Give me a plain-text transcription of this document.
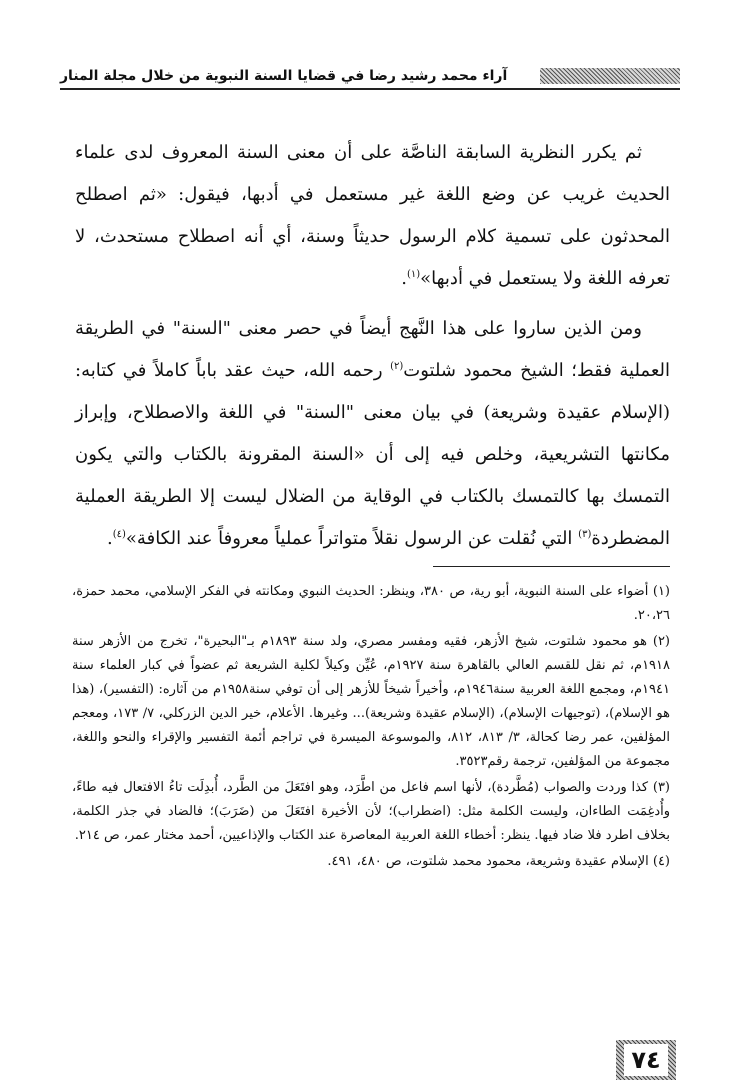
آراء محمد رشيد رضا في قضايا السنة النبوية من خلال مجلة المنار

ثم يكرر النظرية السابقة الناصَّة على أن معنى السنة المعروف لدى علماء الحديث غريب عن وضع اللغة غير مستعمل في أدبها، فيقول: «ثم اصطلح المحدثون على تسمية كلام الرسول حديثاً وسنة، أي أنه اصطلاح مستحدث، لا تعرفه اللغة ولا يستعمل في أدبها»$^{(١)}$.

ومن الذين ساروا على هذا النَّهج أيضاً في حصر معنى "السنة" في الطريقة العملية فقط؛ الشيخ محمود شلتوت$^{(٢)}$ رحمه الله، حيث عقد باباً كاملاً في كتابه: (الإسلام عقيدة وشريعة) في بيان معنى "السنة" في اللغة والاصطلاح، وإبراز مكانتها التشريعية، وخلص فيه إلى أن «السنة المقرونة بالكتاب والتي يكون التمسك بها كالتمسك بالكتاب في الوقاية من الضلال ليست إلا الطريقة العملية المضطردة$^{(٣)}$ التي نُقلت عن الرسول نقلاً متواتراً عملياً معروفاً عند الكافة»$^{(٤)}$.

(١) أضواء على السنة النبوية، أبو رية، ص ٣٨٠، وينظر: الحديث النبوي ومكانته في الفكر الإسلامي، محمد حمزة، ٢٠،٢٦.

(٢) هو محمود شلتوت، شيخ الأزهر، فقيه ومفسر مصري، ولد سنة ١٨٩٣م بـ"البحيرة"، تخرج من الأزهر سنة ١٩١٨م، ثم نقل للقسم العالي بالقاهرة سنة ١٩٢٧م، عُيِّن وكيلاً لكلية الشريعة ثم عضواً في كبار العلماء سنة ١٩٤١م، ومجمع اللغة العربية سنة١٩٤٦م، وأخيراً شيخاً للأزهر إلى أن توفي سنة١٩٥٨م من آثاره: (التفسير)، (هذا هو الإسلام)، (توجيهات الإسلام)، (الإسلام عقيدة وشريعة)... وغيرها. الأعلام، خير الدين الزركلي، ٧/ ١٧٣، ومعجم المؤلفين، عمر رضا كحالة، ٣/ ٨١٣، ٨١٢، والموسوعة الميسرة في تراجم أئمة التفسير والإقراء والنحو واللغة، مجموعة من المؤلفين، ترجمة رقم٣٥٢٣.

(٣) كذا وردت والصواب (مُطَّردة)، لأنها اسم فاعل من اطَّرَد، وهو افتَعَلَ من الطَّرد، أُبدِلَت تاءُ الافتعال فيه طاءً، وأُدغِمَت الطاءان، وليست الكلمة مثل: (اضطراب)؛ لأن الأخيرة افتَعَلَ من (ضَرَبَ)؛ فالضاد في جذر الكلمة، بخلاف اطرد فلا ضاد فيها. ينظر: أخطاء اللغة العربية المعاصرة عند الكتاب والإذاعيين، أحمد مختار عمر، ص ٢١٤.

(٤) الإسلام عقيدة وشريعة، محمود محمد شلتوت، ص ٤٨٠، ٤٩١.

٧٤
